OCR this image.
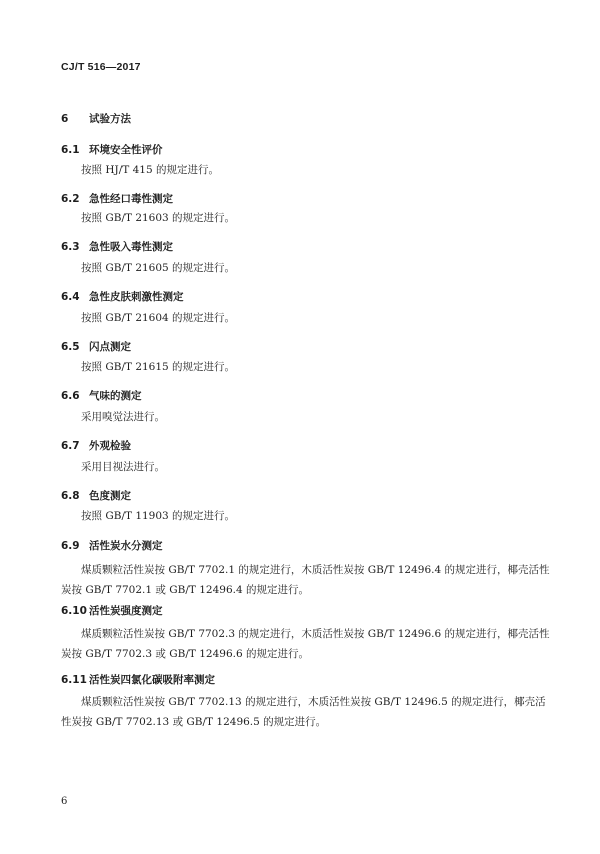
CJ/T 516—2017

6 试验方法

6.1 环境安全性评价

按照 HJ/T 415 的规定进行。

6.2 急性经口毒性测定

按照 GB/T 21603 的规定进行。

6.3 急性吸入毒性测定

按照 GB/T 21605 的规定进行。

6.4 急性皮肤刺激性测定

按照 GB/T 21604 的规定进行。

6.5 闪点测定

按照 GB/T 21615 的规定进行。

6.6 气味的测定

采用嗅觉法进行。

6.7 外观检验

采用目视法进行。

6.8 色度测定

按照 GB/T 11903 的规定进行。

6.9 活性炭水分测定

煤质颗粒活性炭按 GB/T 7702.1 的规定进行，木质活性炭按 GB/T 12496.4 的规定进行，椰壳活性
炭按 GB/T 7702.1 或 GB/T 12496.4 的规定进行。

6.10 活性炭强度测定

煤质颗粒活性炭按 GB/T 7702.3 的规定进行，木质活性炭按 GB/T 12496.6 的规定进行，椰壳活性
炭按 GB/T 7702.3 或 GB/T 12496.6 的规定进行。

6.11 活性炭四氯化碳吸附率测定

煤质颗粒活性炭按 GB/T 7702.13 的规定进行，木质活性炭按 GB/T 12496.5 的规定进行，椰壳活
性炭按 GB/T 7702.13 或 GB/T 12496.5 的规定进行。

6
